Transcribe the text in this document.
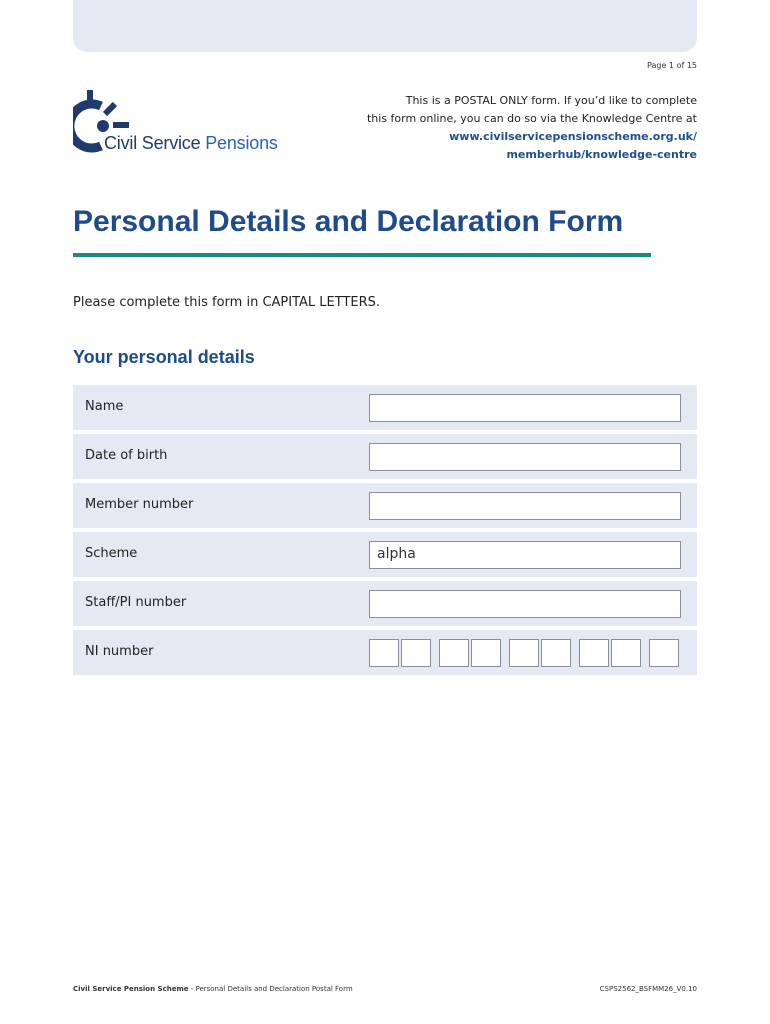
Page 1 of 15
Civil Service Pensions
This is a POSTAL ONLY form. If you’d like to complete
this form online, you can do so via the Knowledge Centre at
www.civilservicepensionscheme.org.uk/
memberhub/knowledge-centre
Personal Details and Declaration Form

Please complete this form in CAPITAL LETTERS.

Your personal details
Name
Date of birth
Member number
Scheme	alpha
Staff/PI number
NI number
Civil Service Pension Scheme - Personal Details and Declaration Postal Form	CSPS2562_BSFMM26_V0.10
